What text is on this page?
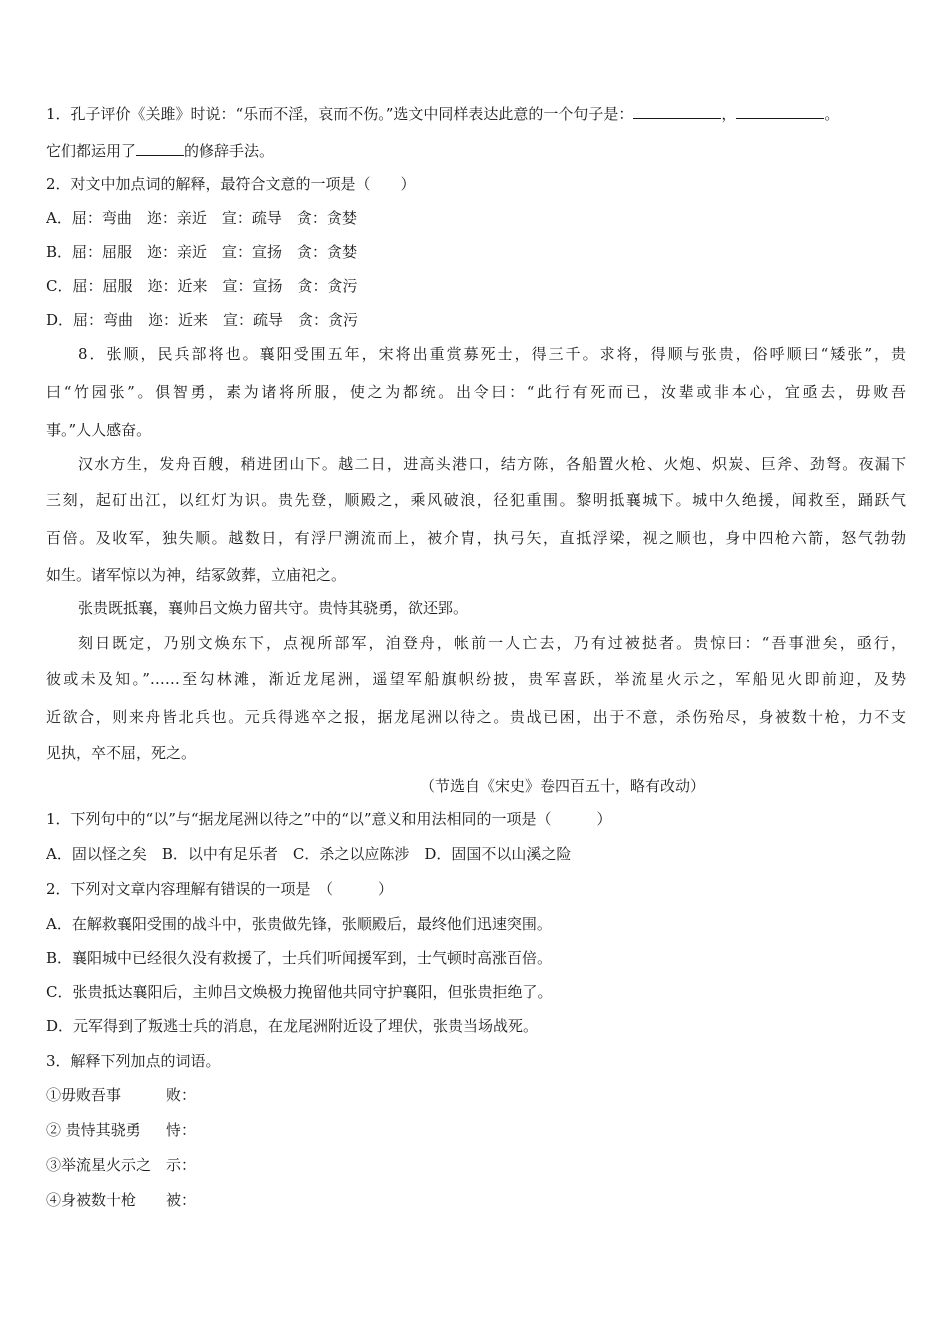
1．孔子评价《关雎》时说：“乐而不淫，哀而不伤。”选文中同样表达此意的一个句子是：	，	。
它们都运用了	的修辞手法。
2．对文中加点词的解释，最符合文意的一项是（　　）
A．屈：弯曲　迩：亲近　宣：疏导　贪：贪婪
B．屈：屈服　迩：亲近　宣：宣扬　贪：贪婪
C．屈：屈服　迩：近来　宣：宣扬　贪：贪污
D．屈：弯曲　迩：近来　宣：疏导　贪：贪污
8．张顺，民兵部将也。襄阳受围五年，宋将出重赏募死士，得三千。求将，得顺与张贵，俗呼顺曰“矮张”，贵
曰“竹园张”。俱智勇，素为诸将所服，使之为都统。出令曰：“此行有死而已，汝辈或非本心，宜亟去，毋败吾
事。”人人感奋。
汉水方生，发舟百艘，稍进团山下。越二日，进高头港口，结方陈，各船置火枪、火炮、炽炭、巨斧、劲弩。夜漏下
三刻，起矴出江，以红灯为识。贵先登，顺殿之，乘风破浪，径犯重围。黎明抵襄城下。城中久绝援，闻救至，踊跃气
百倍。及收军，独失顺。越数日，有浮尸溯流而上，被介胄，执弓矢，直抵浮梁，视之顺也，身中四枪六箭，怒气勃勃
如生。诸军惊以为神，结冢敛葬，立庙祀之。
张贵既抵襄，襄帅吕文焕力留共守。贵恃其骁勇，欲还郢。
刻日既定，乃别文焕东下，点视所部军，洎登舟，帐前一人亡去，乃有过被挞者。贵惊曰：“吾事泄矣，亟行，
彼或未及知。”……至勾林滩，渐近龙尾洲，遥望军船旗帜纷披，贵军喜跃，举流星火示之，军船见火即前迎，及势
近欲合，则来舟皆北兵也。元兵得逃卒之报，据龙尾洲以待之。贵战已困，出于不意，杀伤殆尽，身被数十枪，力不支
见执，卒不屈，死之。
（节选自《宋史》卷四百五十，略有改动）
1．下列句中的“以”与“据龙尾洲以待之”中的“以”意义和用法相同的一项是（　　　）
A．固以怪之矣　B．以中有足乐者　C．杀之以应陈涉　D．固国不以山溪之险
2．下列对文章内容理解有错误的一项是　（　　　）
A．在解救襄阳受围的战斗中，张贵做先锋，张顺殿后，最终他们迅速突围。
B．襄阳城中已经很久没有救援了，士兵们听闻援军到，士气顿时高涨百倍。
C．张贵抵达襄阳后，主帅吕文焕极力挽留他共同守护襄阳，但张贵拒绝了。
D．元军得到了叛逃士兵的消息，在龙尾洲附近设了埋伏，张贵当场战死。
3．解释下列加点的词语。
①毋败吾事	败：
② 贵恃其骁勇 恃：
③举流星火示之 示：
④身被数十枪 被：
